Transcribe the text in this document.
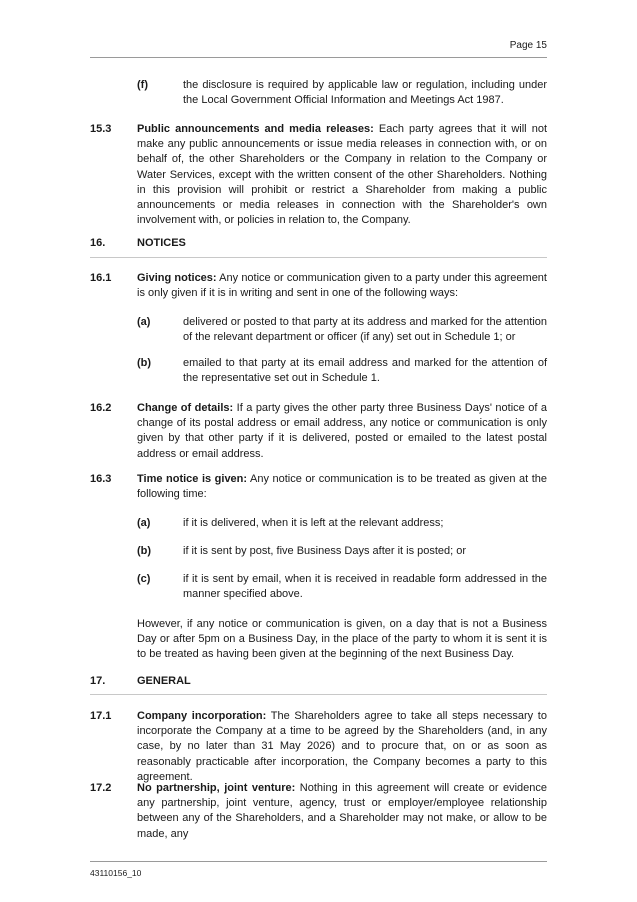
Page 15
(f)	the disclosure is required by applicable law or regulation, including under the Local Government Official Information and Meetings Act 1987.
15.3 Public announcements and media releases: Each party agrees that it will not make any public announcements or issue media releases in connection with, or on behalf of, the other Shareholders or the Company in relation to the Company or Water Services, except with the written consent of the other Shareholders. Nothing in this provision will prohibit or restrict a Shareholder from making a public announcements or media releases in connection with the Shareholder's own involvement with, or policies in relation to, the Company.
16.	NOTICES
16.1 Giving notices: Any notice or communication given to a party under this agreement is only given if it is in writing and sent in one of the following ways:
(a)	delivered or posted to that party at its address and marked for the attention of the relevant department or officer (if any) set out in Schedule 1; or
(b)	emailed to that party at its email address and marked for the attention of the representative set out in Schedule 1.
16.2 Change of details: If a party gives the other party three Business Days' notice of a change of its postal address or email address, any notice or communication is only given by that other party if it is delivered, posted or emailed to the latest postal address or email address.
16.3 Time notice is given: Any notice or communication is to be treated as given at the following time:
(a)	if it is delivered, when it is left at the relevant address;
(b)	if it is sent by post, five Business Days after it is posted; or
(c)	if it is sent by email, when it is received in readable form addressed in the manner specified above.
However, if any notice or communication is given, on a day that is not a Business Day or after 5pm on a Business Day, in the place of the party to whom it is sent it is to be treated as having been given at the beginning of the next Business Day.
17.	GENERAL
17.1 Company incorporation: The Shareholders agree to take all steps necessary to incorporate the Company at a time to be agreed by the Shareholders (and, in any case, by no later than 31 May 2026) and to procure that, on or as soon as reasonably practicable after incorporation, the Company becomes a party to this agreement.
17.2 No partnership, joint venture: Nothing in this agreement will create or evidence any partnership, joint venture, agency, trust or employer/employee relationship between any of the Shareholders, and a Shareholder may not make, or allow to be made, any
43110156_10
